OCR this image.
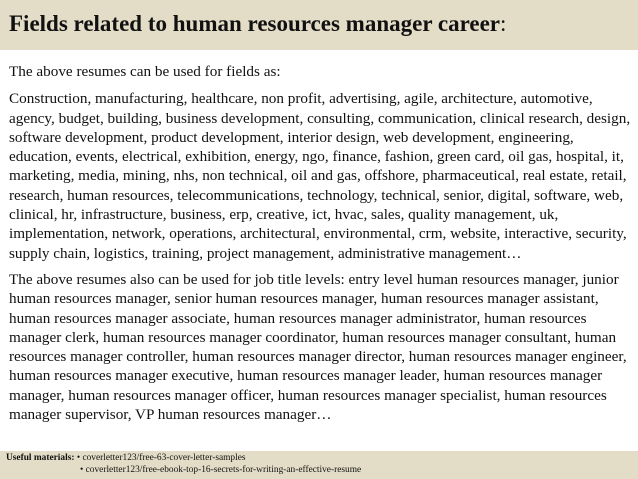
Fields related to human resources manager career:

The above resumes can be used for fields as:

Construction, manufacturing, healthcare, non profit, advertising, agile, architecture, automotive, agency, budget, building, business development, consulting, communication, clinical research, design, software development, product development, interior design, web development, engineering, education, events, electrical, exhibition, energy, ngo, finance, fashion, green card, oil gas, hospital, it, marketing, media, mining, nhs, non technical, oil and gas, offshore, pharmaceutical, real estate, retail, research, human resources, telecommunications, technology, technical, senior, digital, software, web, clinical, hr, infrastructure, business, erp, creative, ict, hvac, sales, quality management, uk, implementation, network, operations, architectural, environmental, crm, website, interactive, security, supply chain, logistics, training, project management, administrative management…

The above resumes also can be used for job title levels: entry level human resources manager, junior human resources manager, senior human resources manager, human resources manager assistant, human resources manager associate, human resources manager administrator, human resources manager clerk, human resources manager coordinator, human resources manager consultant, human resources manager controller, human resources manager director, human resources manager engineer, human resources manager executive, human resources manager leader, human resources manager manager, human resources manager officer, human resources manager specialist, human resources manager supervisor, VP human resources manager…

Useful materials: • coverletter123/free-63-cover-letter-samples
• coverletter123/free-ebook-top-16-secrets-for-writing-an-effective-resume
